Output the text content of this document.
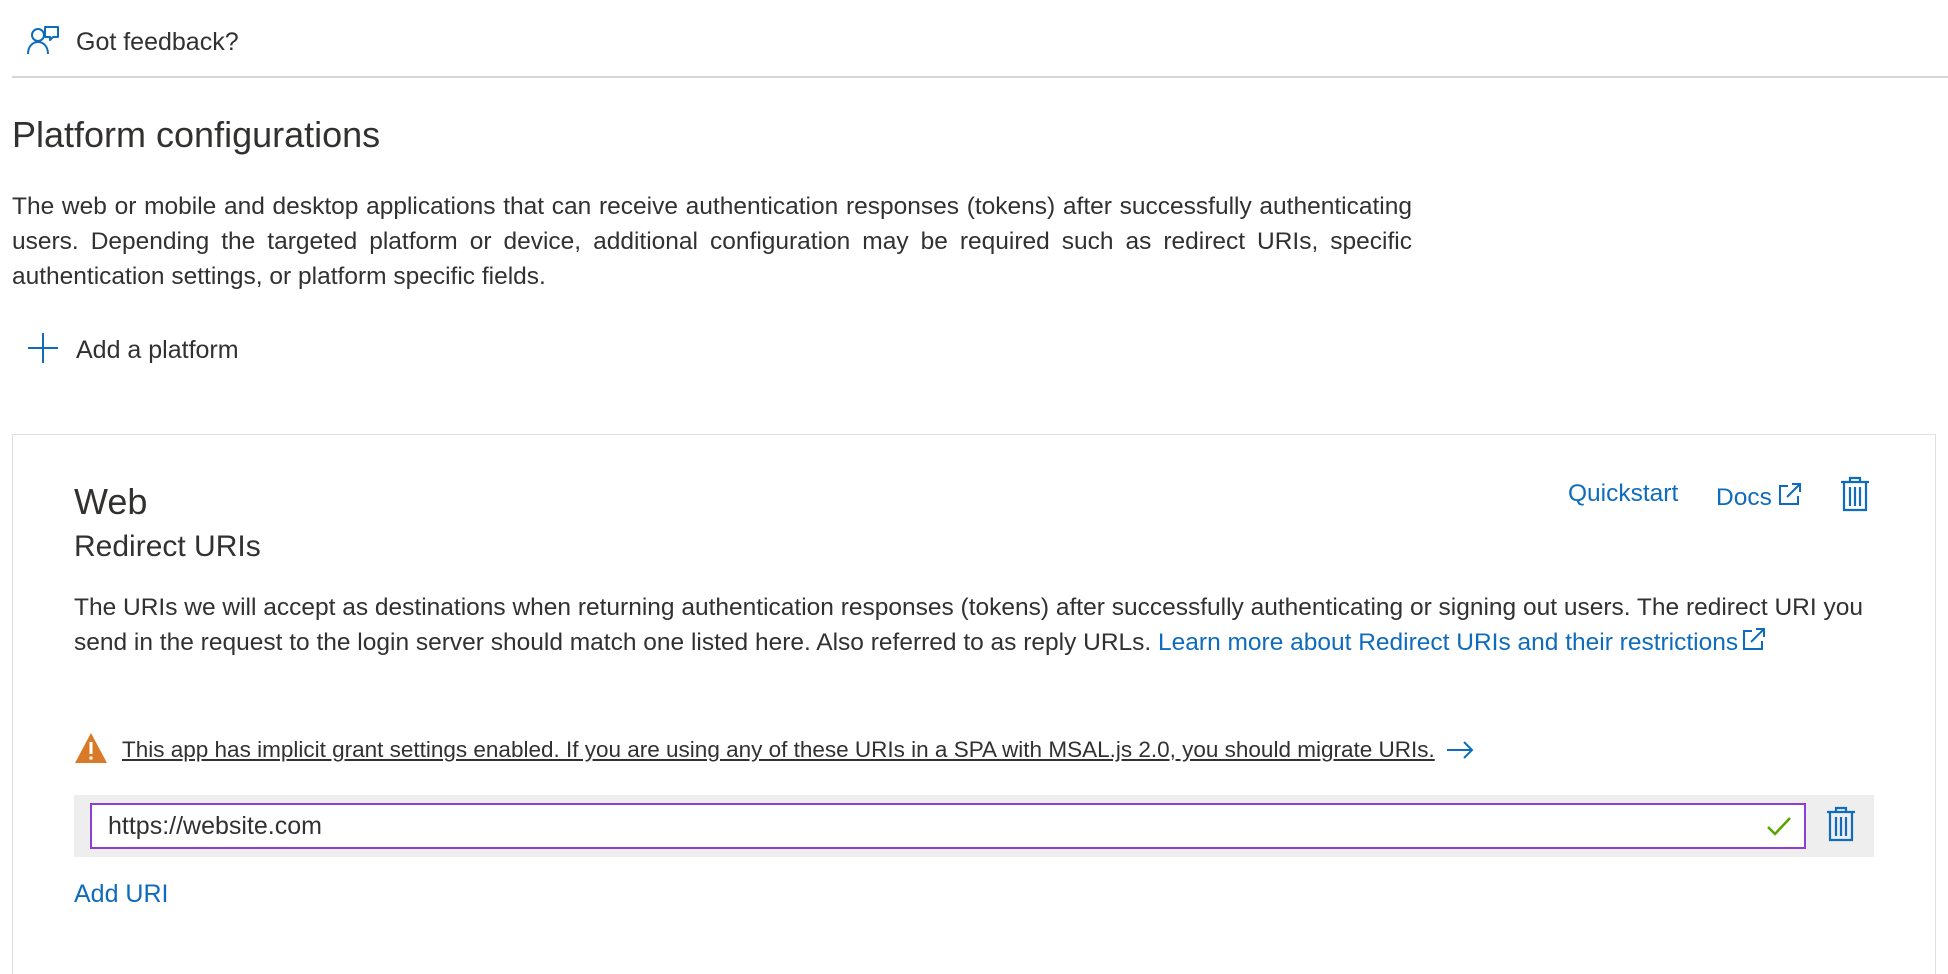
Got feedback?
Platform configurations

The web or mobile and desktop applications that can receive authentication responses (tokens) after successfully authenticating users. Depending the targeted platform or device, additional configuration may be required such as redirect URIs, specific authentication settings, or platform specific fields.

Add a platform
Web
Redirect URIs
Quickstart Docs

The URIs we will accept as destinations when returning authentication responses (tokens) after successfully authenticating or signing out users. The redirect URI you send in the request to the login server should match one listed here. Also referred to as reply URLs. Learn more about Redirect URIs and their restrictions

This app has implicit grant settings enabled. If you are using any of these URIs in a SPA with MSAL.js 2.0, you should migrate URIs.
https://website.com
Add URI
